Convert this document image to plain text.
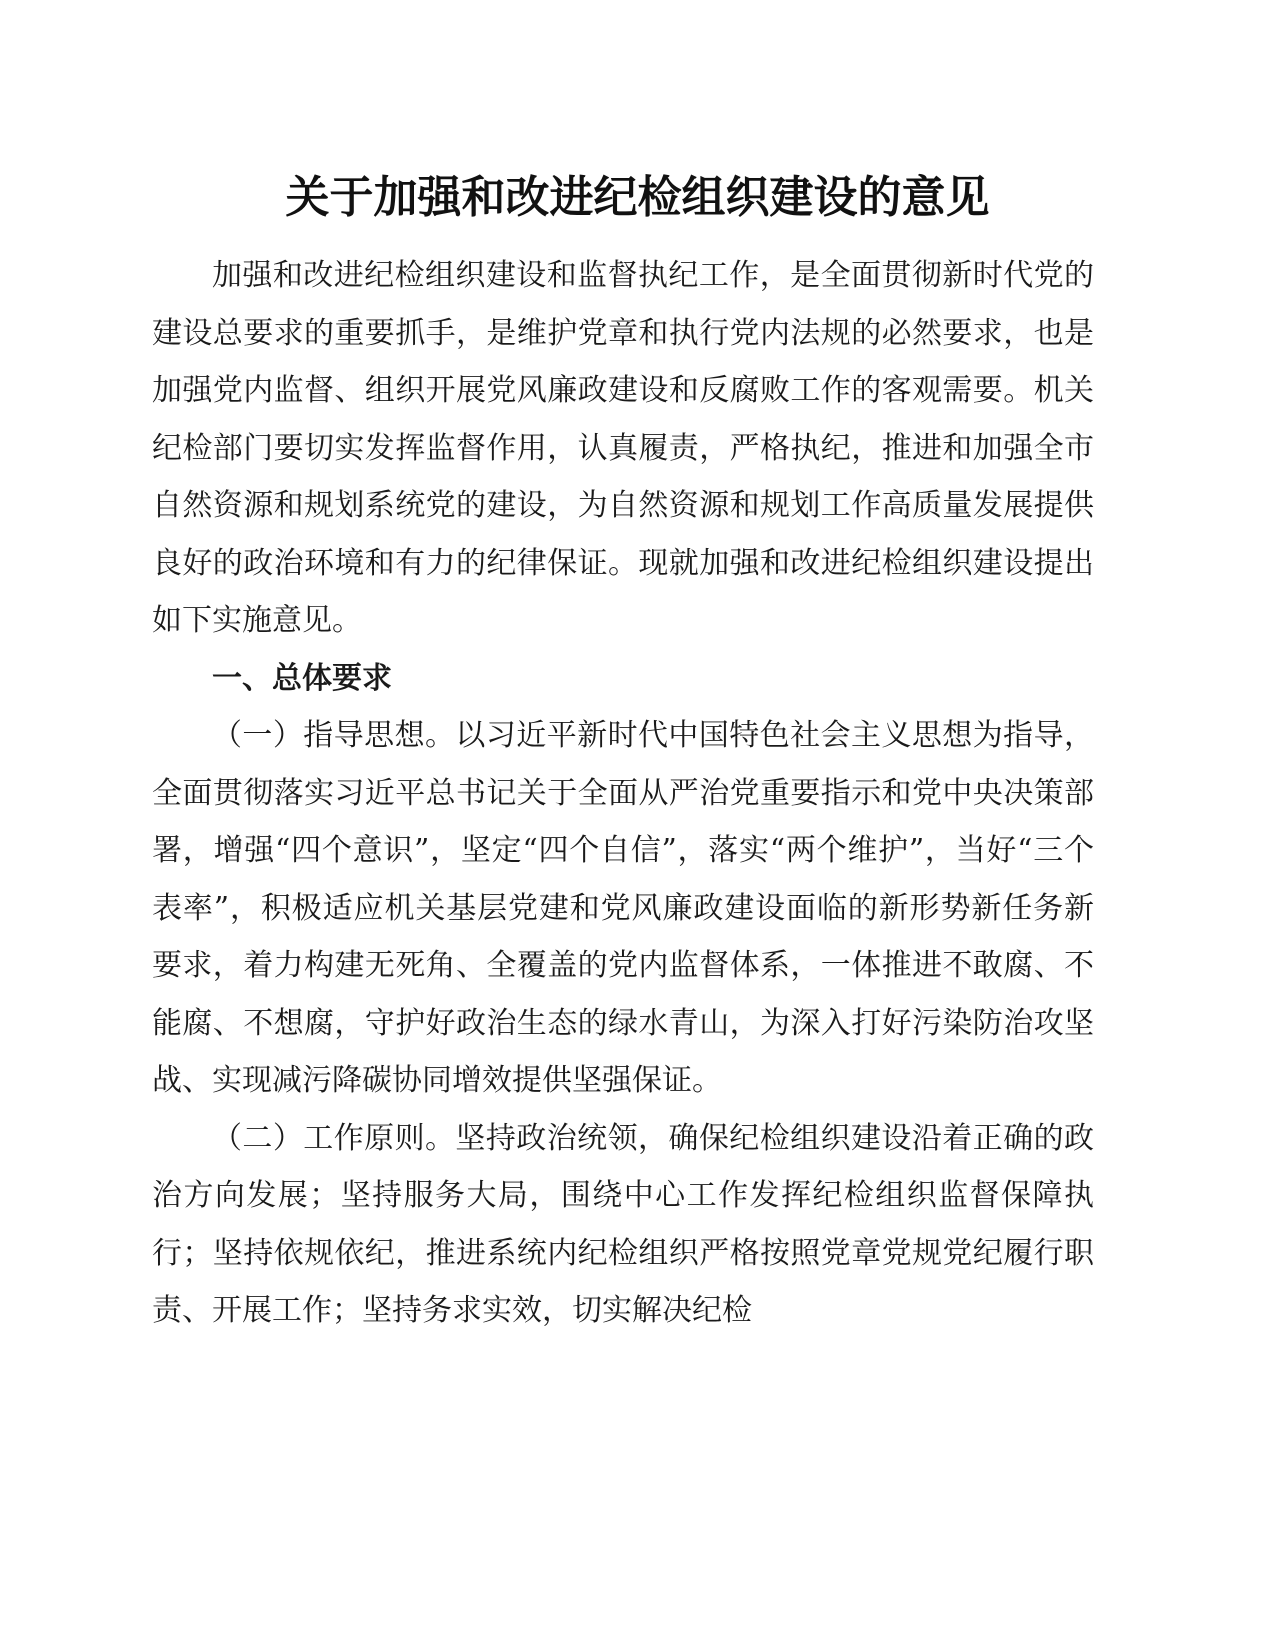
关于加强和改进纪检组织建设的意见

加强和改进纪检组织建设和监督执纪工作，是全面贯彻新时代党的建设总要求的重要抓手，是维护党章和执行党内法规的必然要求，也是加强党内监督、组织开展党风廉政建设和反腐败工作的客观需要。机关纪检部门要切实发挥监督作用，认真履责，严格执纪，推进和加强全市自然资源和规划系统党的建设，为自然资源和规划工作高质量发展提供良好的政治环境和有力的纪律保证。现就加强和改进纪检组织建设提出如下实施意见。

一、总体要求

（一）指导思想。以习近平新时代中国特色社会主义思想为指导，全面贯彻落实习近平总书记关于全面从严治党重要指示和党中央决策部署，增强“四个意识”，坚定“四个自信”，落实“两个维护”，当好“三个表率”，积极适应机关基层党建和党风廉政建设面临的新形势新任务新要求，着力构建无死角、全覆盖的党内监督体系，一体推进不敢腐、不能腐、不想腐，守护好政治生态的绿水青山，为深入打好污染防治攻坚战、实现减污降碳协同增效提供坚强保证。

（二）工作原则。坚持政治统领，确保纪检组织建设沿着正确的政治方向发展；坚持服务大局，围绕中心工作发挥纪检组织监督保障执行；坚持依规依纪，推进系统内纪检组织严格按照党章党规党纪履行职责、开展工作；坚持务求实效，切实解决纪检
